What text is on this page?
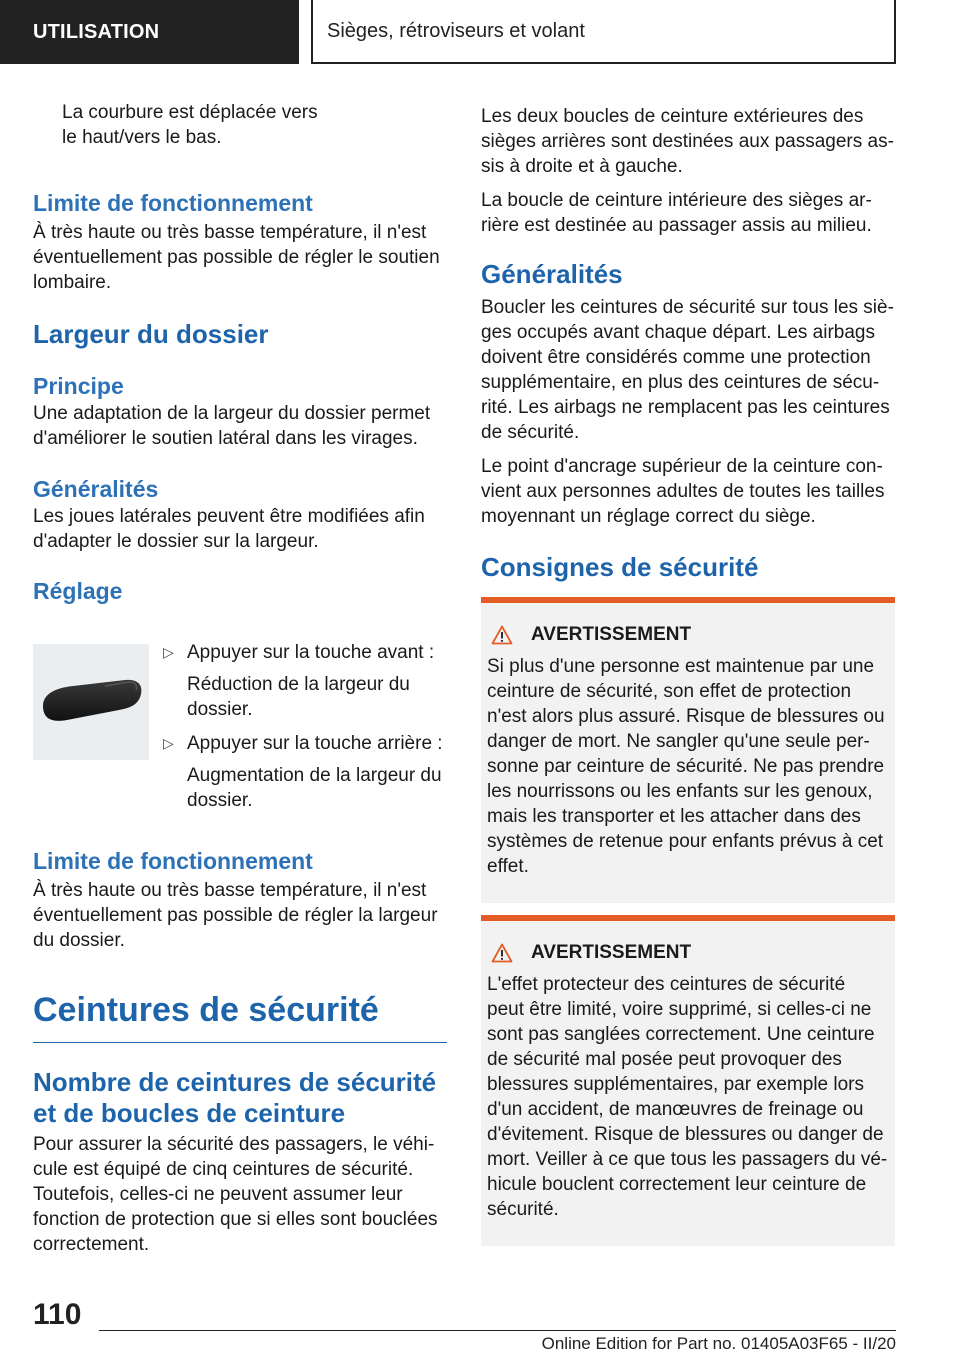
UTILISATION	Sièges, rétroviseurs et volant

La courbure est déplacée vers

le haut/vers le bas.

Limite de fonctionnement

À très haute ou très basse température, il n'est

éventuellement pas possible de régler le soutien

lombaire.

Largeur du dossier
Principe

Une adaptation de la largeur du dossier permet

d'améliorer le soutien latéral dans les virages.

Généralités

Les joues latérales peuvent être modifiées afin

d'adapter le dossier sur la largeur.

Réglage
▷ Appuyer sur la touche avant :

Réduction de la largeur du

dossier.

▷ Appuyer sur la touche arrière :

Augmentation de la largeur du

dossier.

Limite de fonctionnement

À très haute ou très basse température, il n'est

éventuellement pas possible de régler la largeur

du dossier.

Ceintures de sécurité
Nombre de ceintures de sécurité
et de boucles de ceinture

Pour assurer la sécurité des passagers, le véhi‐

cule est équipé de cinq ceintures de sécurité.

Toutefois, celles-ci ne peuvent assumer leur

fonction de protection que si elles sont bouclées

correctement.

Les deux boucles de ceinture extérieures des

sièges arrières sont destinées aux passagers as‐

sis à droite et à gauche.

La boucle de ceinture intérieure des sièges ar‐

rière est destinée au passager assis au milieu.

Généralités

Boucler les ceintures de sécurité sur tous les siè‐

ges occupés avant chaque départ. Les airbags

doivent être considérés comme une protection

supplémentaire, en plus des ceintures de sécu‐

rité. Les airbags ne remplacent pas les ceintures

de sécurité.

Le point d'ancrage supérieur de la ceinture con‐

vient aux personnes adultes de toutes les tailles

moyennant un réglage correct du siège.

Consignes de sécurité
AVERTISSEMENT

Si plus d'une personne est maintenue par une

ceinture de sécurité, son effet de protection

n'est alors plus assuré. Risque de blessures ou

danger de mort. Ne sangler qu'une seule per‐

sonne par ceinture de sécurité. Ne pas prendre

les nourrissons ou les enfants sur les genoux,

mais les transporter et les attacher dans des

systèmes de retenue pour enfants prévus à cet

effet.

AVERTISSEMENT

L'effet protecteur des ceintures de sécurité

peut être limité, voire supprimé, si celles-ci ne

sont pas sanglées correctement. Une ceinture

de sécurité mal posée peut provoquer des

blessures supplémentaires, par exemple lors

d'un accident, de manœuvres de freinage ou

d'évitement. Risque de blessures ou danger de

mort. Veiller à ce que tous les passagers du vé‐

hicule bouclent correctement leur ceinture de

sécurité.

110
Online Edition for Part no. 01405A03F65 - II/20
